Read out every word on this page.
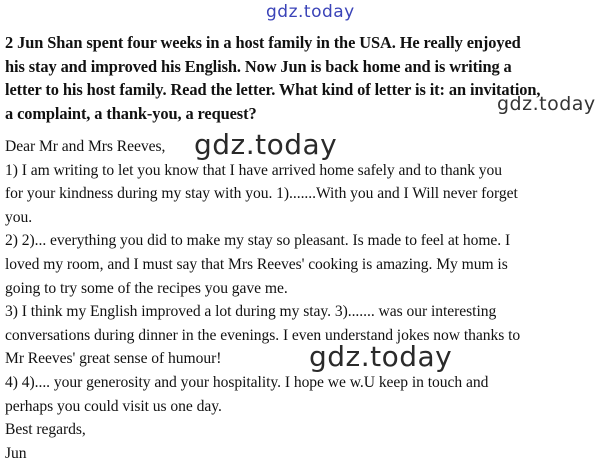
gdz.today
2 Jun Shan spent four weeks in a host family in the USA. He really enjoyed
his stay and improved his English. Now Jun is back home and is writing a
letter to his host family. Read the letter. What kind of letter is it: an invitation,
a complaint, a thank-you, a request?	gdz.today
Dear Mr and Mrs Reeves,
1) I am writing to let you know that I have arrived home safely and to thank you
for your kindness during my stay with you. 1).......With you and I Will never forget
you.
2) 2)... everything you did to make my stay so pleasant. Is made to feel at home. I
loved my room, and I must say that Mrs Reeves' cooking is amazing. My mum is
going to try some of the recipes you gave me.
3) I think my English improved a lot during my stay. 3)....... was our interesting
conversations during dinner in the evenings. I even understand jokes now thanks to
Mr Reeves' great sense of humour!
4) 4).... your generosity and your hospitality. I hope we w.U keep in touch and
perhaps you could visit us one day.
Best regards,
Jun
gdz.today
gdz.today
